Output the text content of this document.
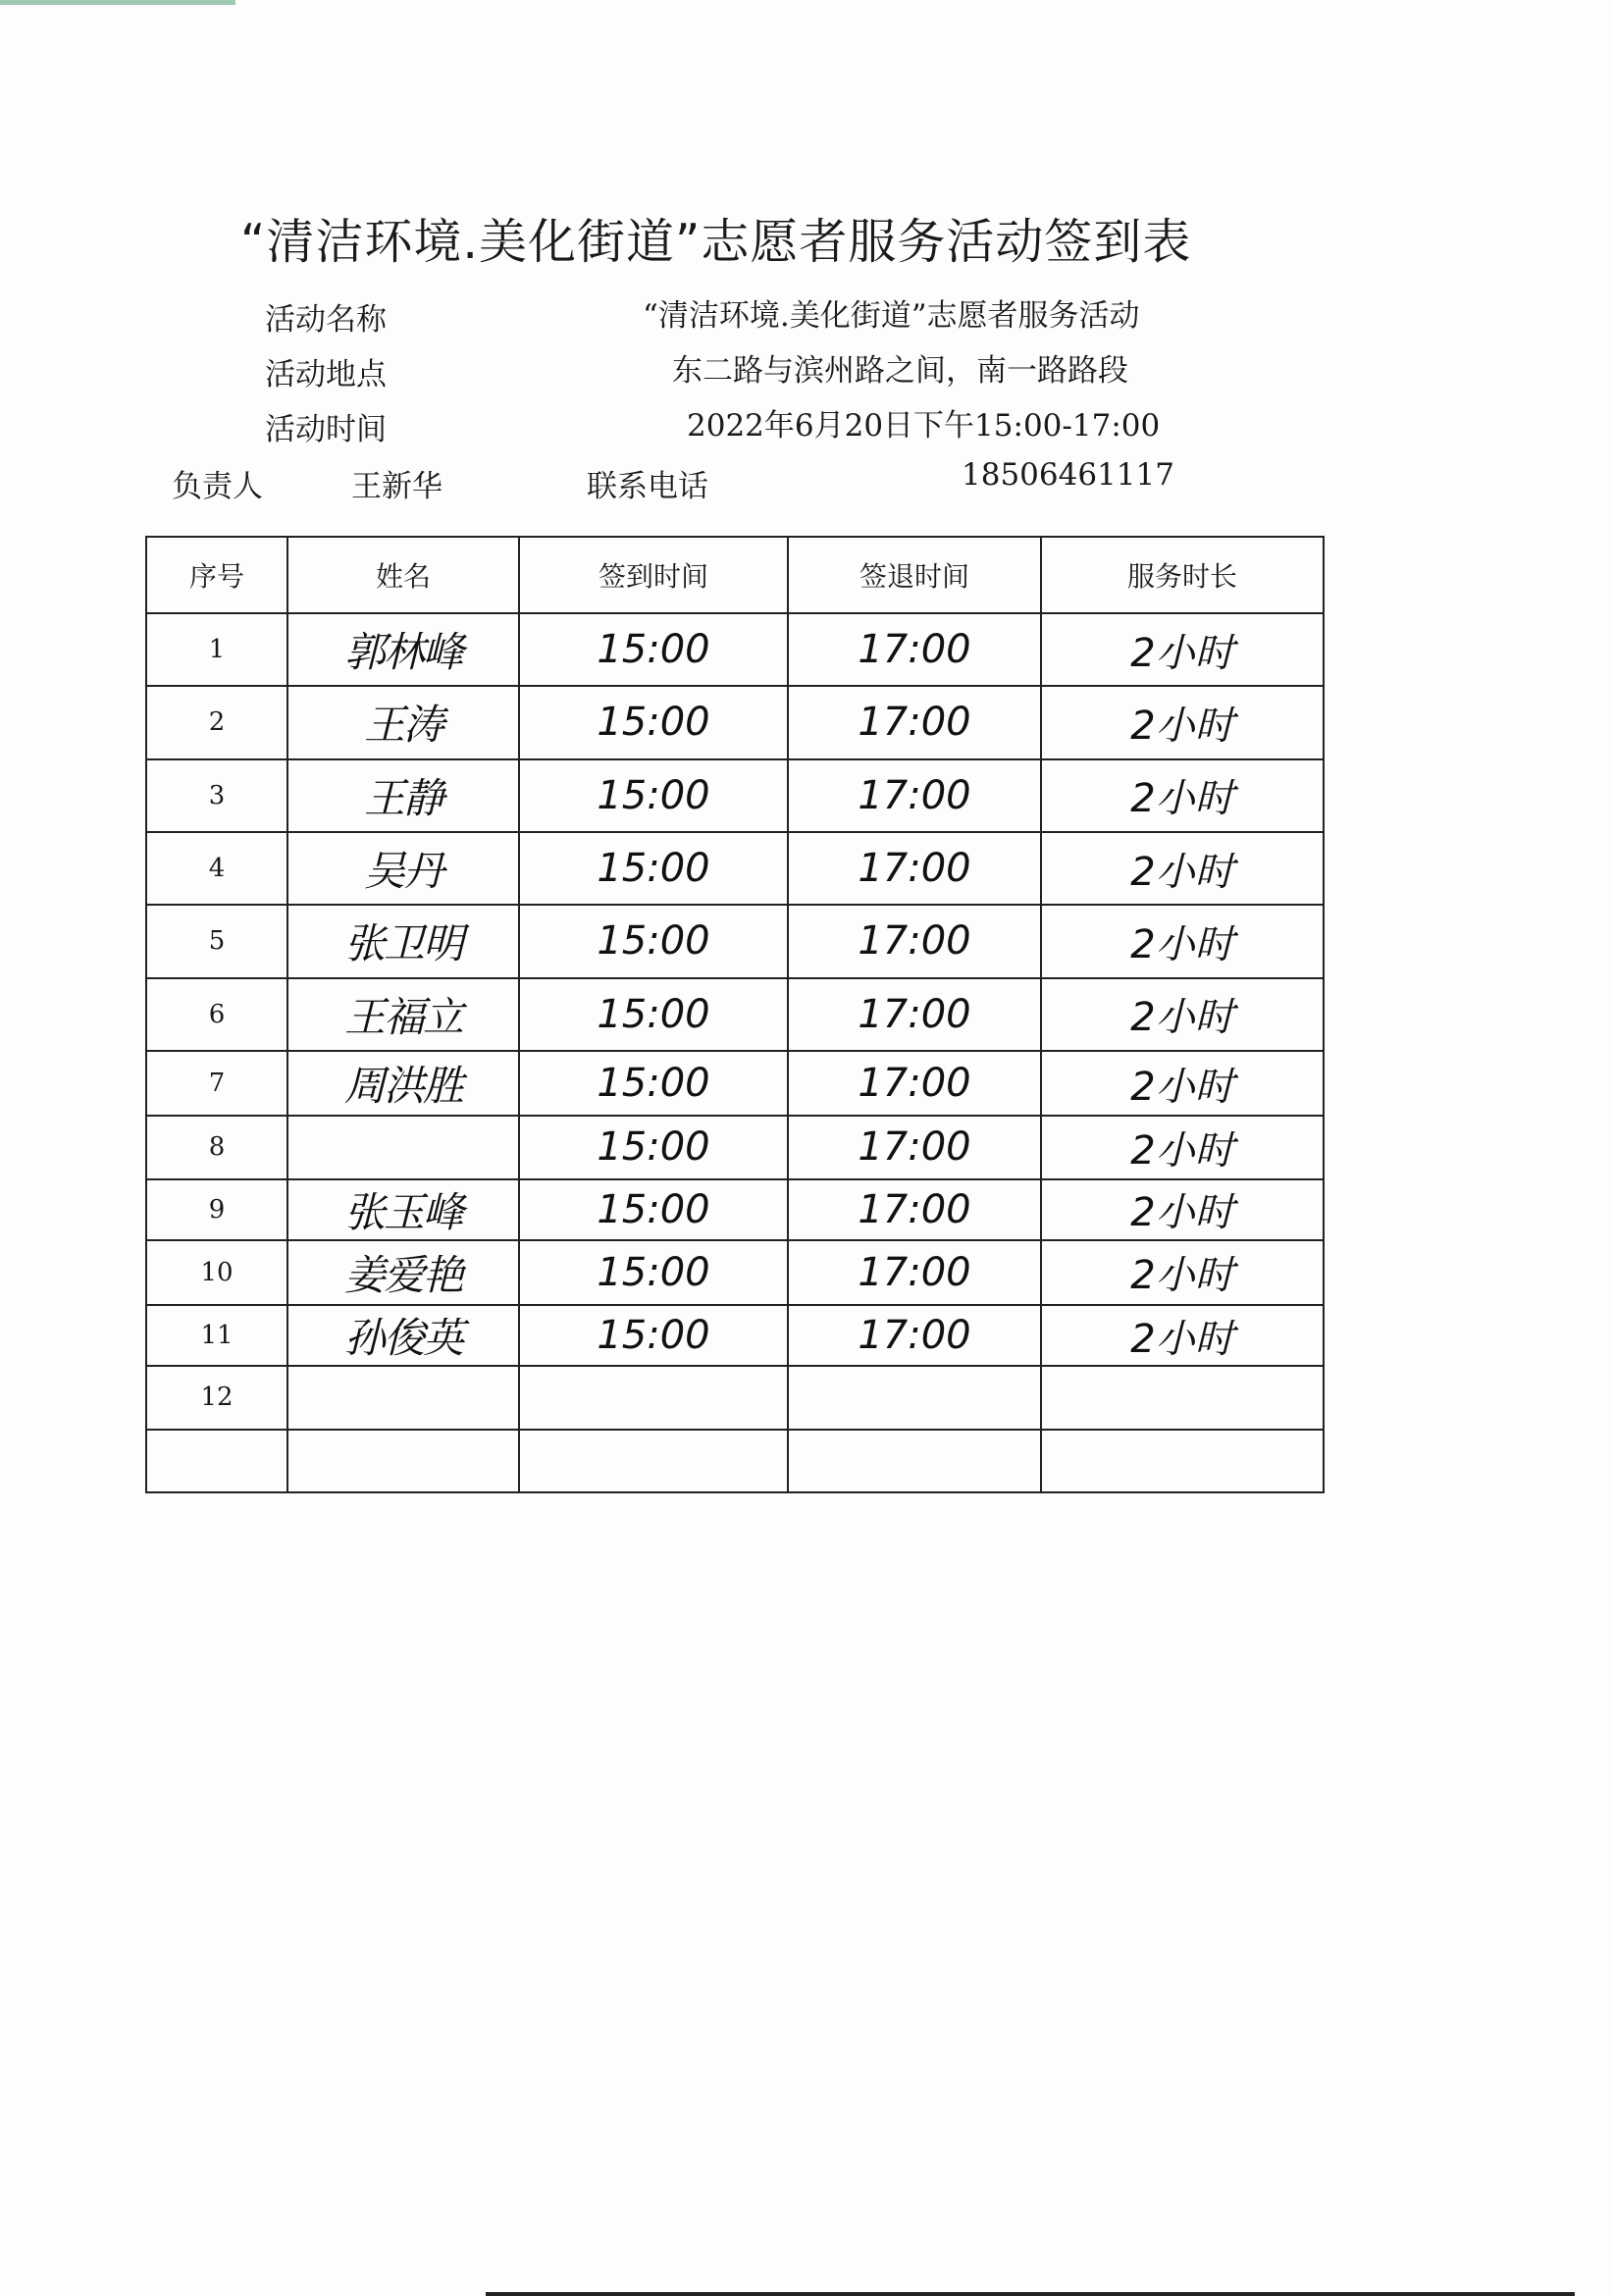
“清洁环境.美化街道”志愿者服务活动签到表
活动名称	“清洁环境.美化街道”志愿者服务活动
活动地点	东二路与滨州路之间，南一路路段
活动时间	2022年6月20日下午15:00-17:00
负责人	王新华	联系电话	18506461117
序号	姓名	签到时间	签退时间	服务时长
1	郭林峰	15:00	17:00	2小时
2	王涛	15:00	17:00	2小时
3	王静	15:00	17:00	2小时
4	吴丹	15:00	17:00	2小时
5	张卫明	15:00	17:00	2小时
6	王福立	15:00	17:00	2小时
7	周洪胜	15:00	17:00	2小时
8		15:00	17:00	2小时
9	张玉峰	15:00	17:00	2小时
10	姜爱艳	15:00	17:00	2小时
11	孙俊英	15:00	17:00	2小时
12				
